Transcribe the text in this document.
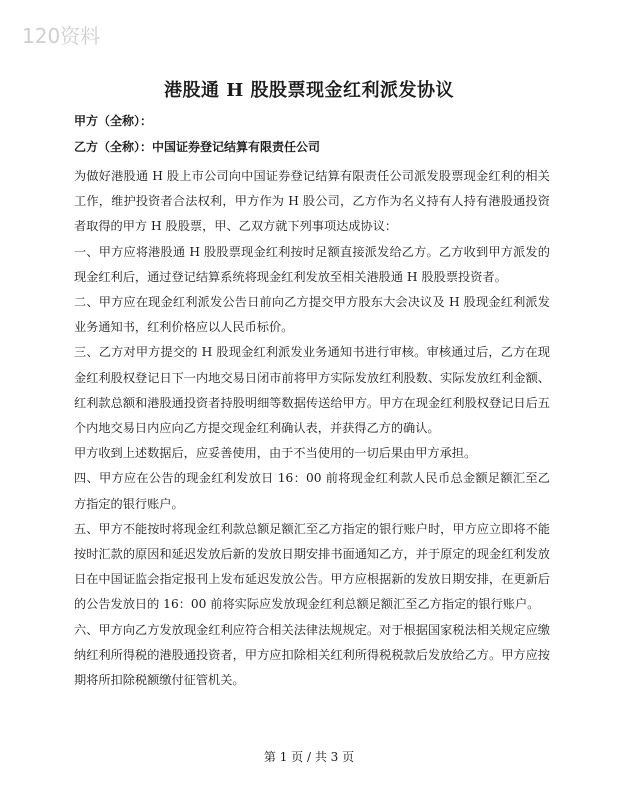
120资料
港股通 H 股股票现金红利派发协议
甲方（全称）：
乙方（全称）：中国证券登记结算有限责任公司

为做好港股通 H 股上市公司向中国证券登记结算有限责任公司派发股票现金红利的相关工作，维护投资者合法权利，甲方作为 H 股公司，乙方作为名义持有人持有港股通投资者取得的甲方 H 股股票，甲、乙双方就下列事项达成协议：

一、甲方应将港股通 H 股股票现金红利按时足额直接派发给乙方。乙方收到甲方派发的现金红利后，通过登记结算系统将现金红利发放至相关港股通 H 股股票投资者。

二、甲方应在现金红利派发公告日前向乙方提交甲方股东大会决议及 H 股现金红利派发业务通知书，红利价格应以人民币标价。

三、乙方对甲方提交的 H 股现金红利派发业务通知书进行审核。审核通过后，乙方在现金红利股权登记日下一内地交易日闭市前将甲方实际发放红利股数、实际发放红利金额、红利款总额和港股通投资者持股明细等数据传送给甲方。甲方在现金红利股权登记日后五个内地交易日内应向乙方提交现金红利确认表，并获得乙方的确认。

甲方收到上述数据后，应妥善使用，由于不当使用的一切后果由甲方承担。

四、甲方应在公告的现金红利发放日 16：00 前将现金红利款人民币总金额足额汇至乙方指定的银行账户。

五、甲方不能按时将现金红利款总额足额汇至乙方指定的银行账户时，甲方应立即将不能按时汇款的原因和延迟发放后新的发放日期安排书面通知乙方，并于原定的现金红利发放日在中国证监会指定报刊上发布延迟发放公告。甲方应根据新的发放日期安排，在更新后的公告发放日的 16：00 前将实际应发放现金红利总额足额汇至乙方指定的银行账户。

六、甲方向乙方发放现金红利应符合相关法律法规规定。对于根据国家税法相关规定应缴纳红利所得税的港股通投资者，甲方应扣除相关红利所得税税款后发放给乙方。甲方应按期将所扣除税额缴付征管机关。

第 1 页 / 共 3 页
